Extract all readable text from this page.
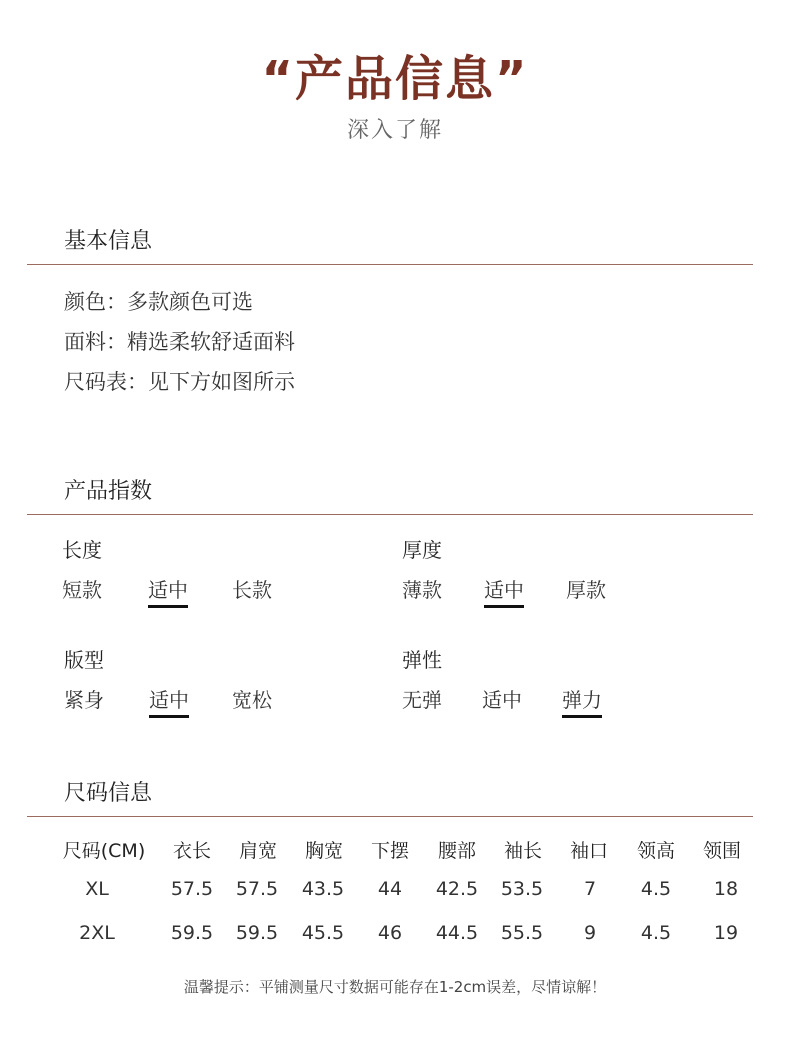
“产品信息”
深入了解
基本信息
颜色：多款颜色可选
面料：精选柔软舒适面料
尺码表：见下方如图所示
产品指数
长度
短款 适中 长款
厚度
薄款 适中 厚款
版型
紧身 适中 宽松
弹性
无弹 适中 弹力
尺码信息
尺码(CM)	衣长	肩宽	胸宽	下摆	腰部	袖长	袖口	领高	领围
XL	57.5	57.5	43.5	44	42.5	53.5	7	4.5	18
2XL	59.5	59.5	45.5	46	44.5	55.5	9	4.5	19
温馨提示：平铺测量尺寸数据可能存在1-2cm误差，尽情谅解！
